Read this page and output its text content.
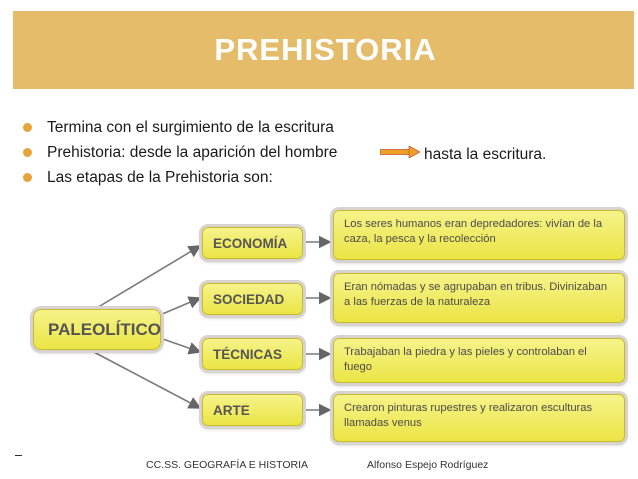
PREHISTORIA
Termina con el surgimiento de la escritura
Prehistoria: desde la aparición del hombre
Las etapas de la Prehistoria son:
hasta la escritura.
PALEOLÍTICO
ECONOMÍA
SOCIEDAD
TÉCNICAS
ARTE
Los seres humanos eran depredadores: vivían de la caza, la pesca y la recolección
Eran nómadas y se agrupaban en tribus. Divinizaban a las fuerzas de la naturaleza
Trabajaban la piedra y las pieles y controlaban el fuego
Crearon pinturas rupestres y realizaron esculturas llamadas venus
CC.SS. GEOGRAFÍA E HISTORIA	Alfonso Espejo Rodríguez
